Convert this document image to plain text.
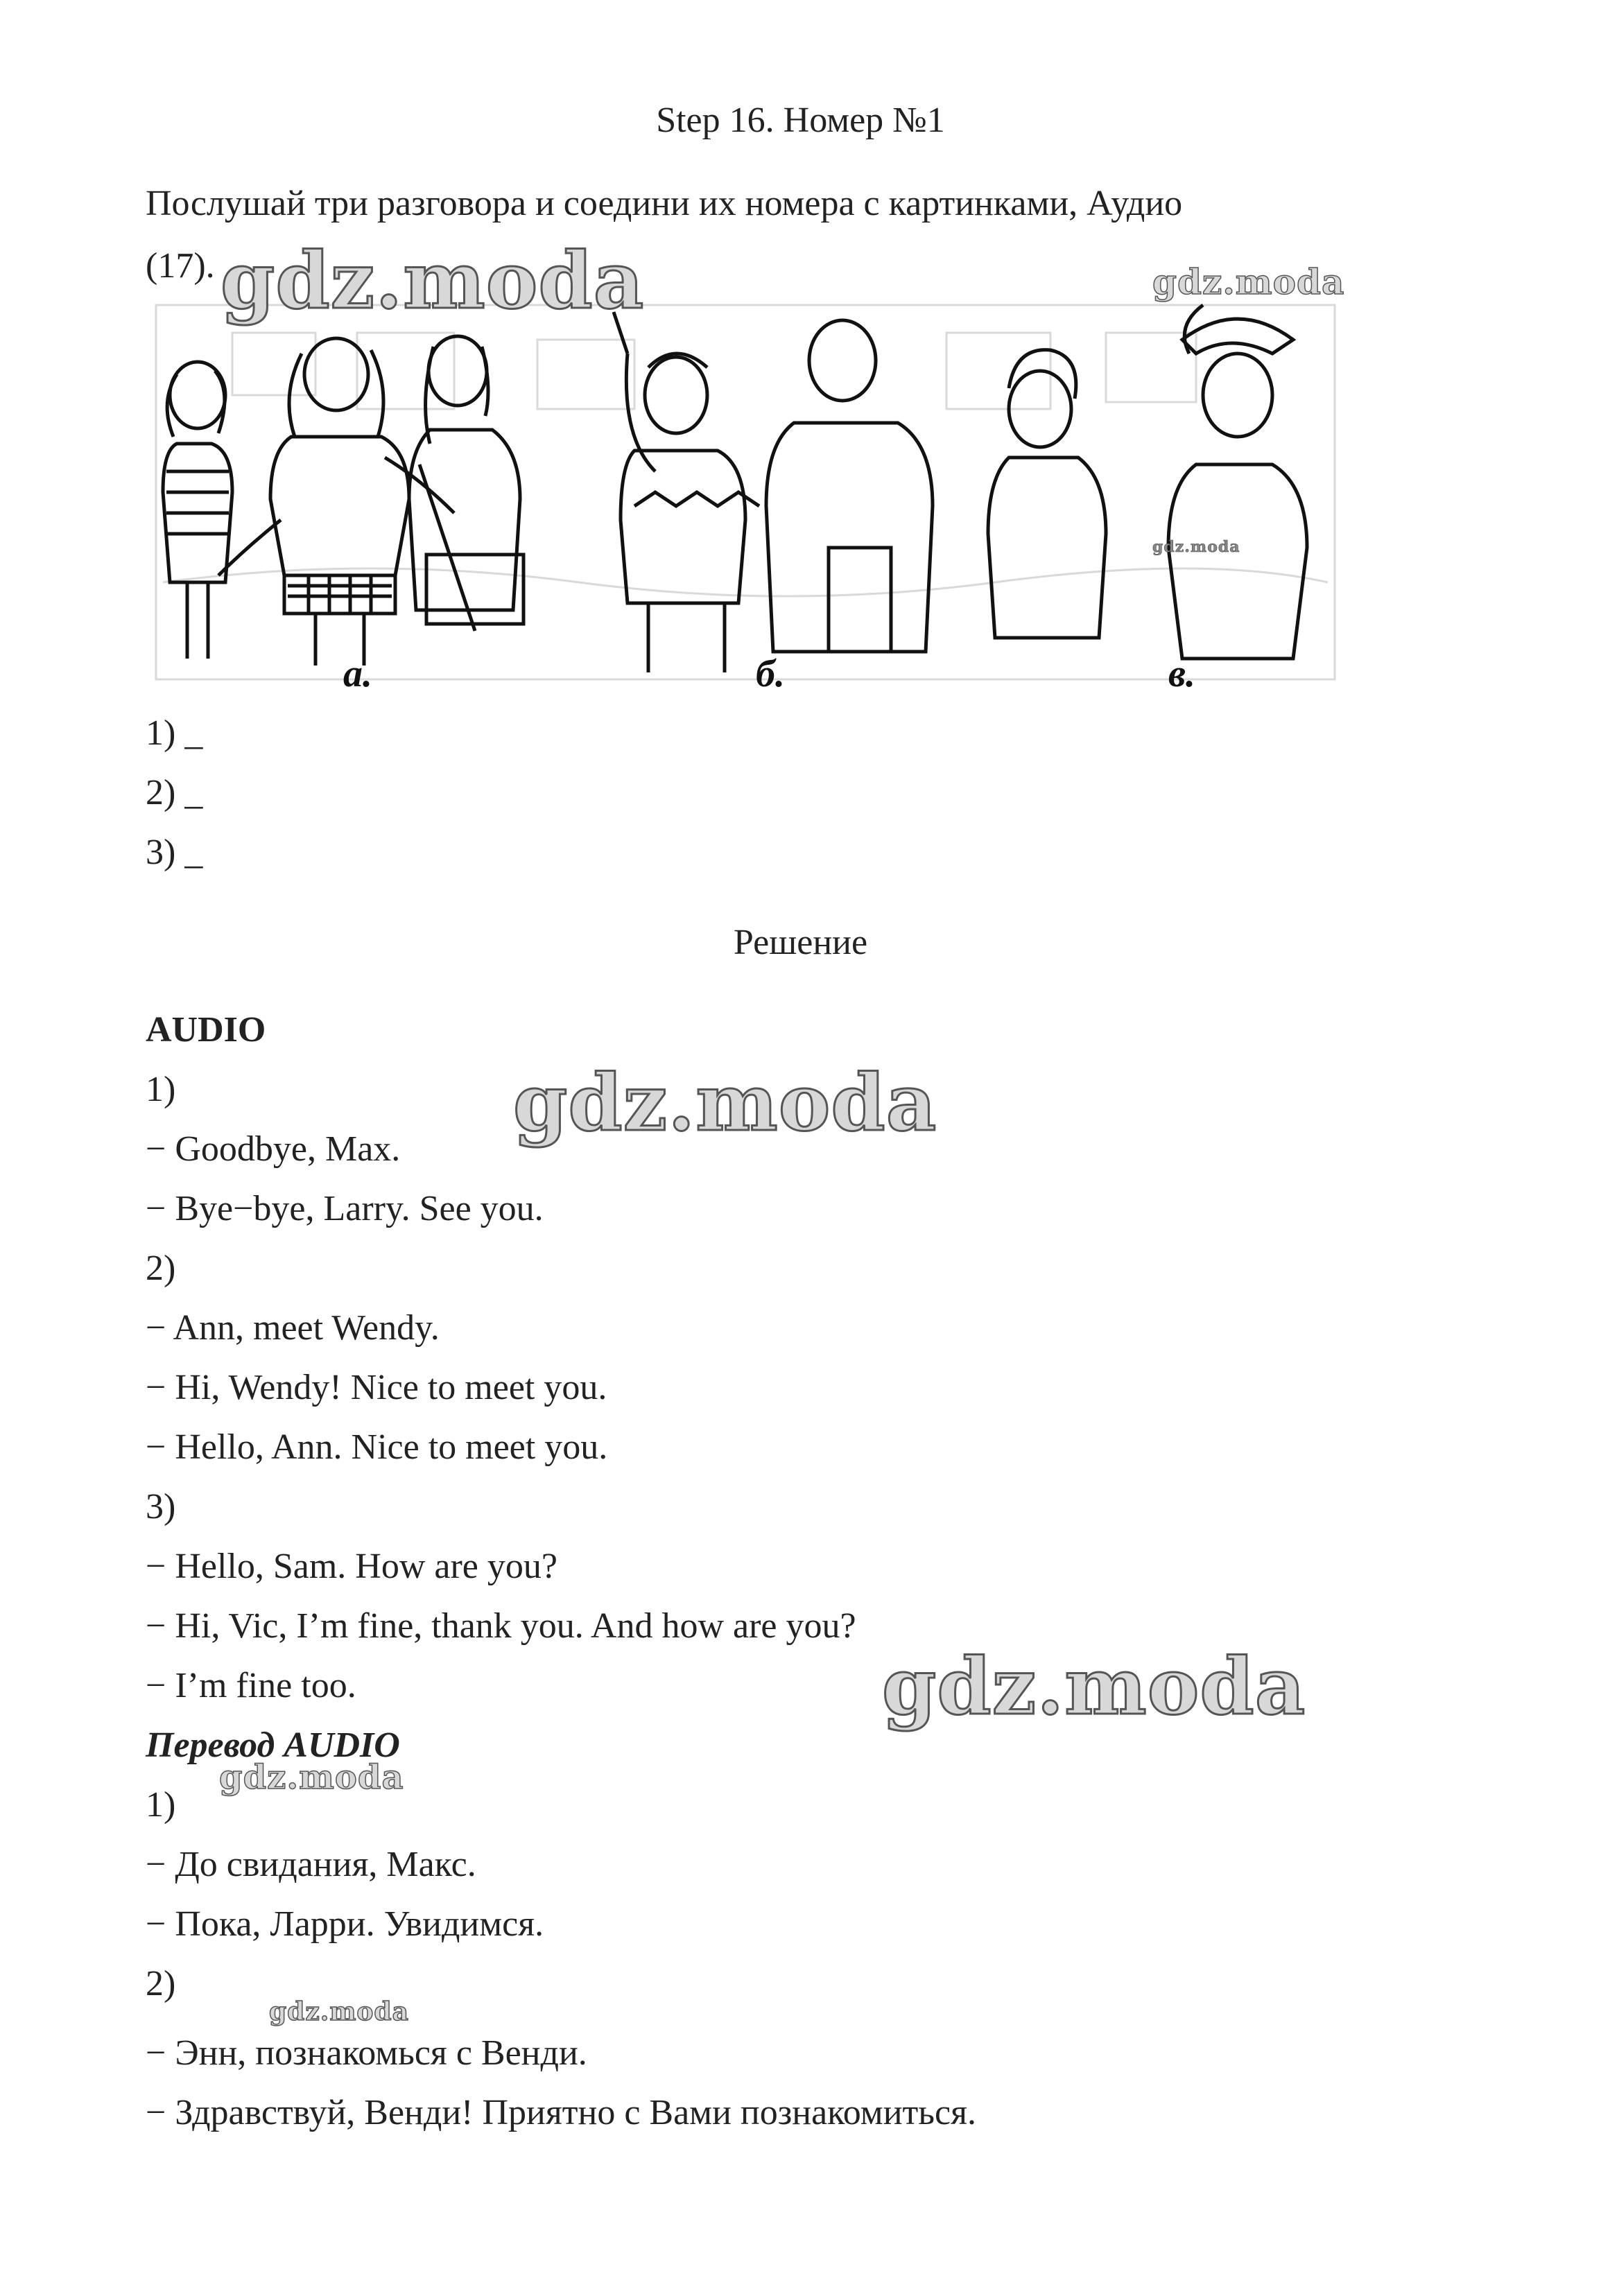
Step 16. Номер №1
Послушай три разговора и соедини их номера с картинками, Аудио
(17).
а.	б.	в.
1) _
2) _
3) _
Решение
AUDIO
1)
− Goodbye, Max.
− Bye−bye, Larry. See you.
2)
− Ann, meet Wendy.
− Hi, Wendy! Nice to meet you.
− Hello, Ann. Nice to meet you.
3)
− Hello, Sam. How are you?
− Hi, Vic, I’m fine, thank you. And how are you?
− I’m fine too.
Перевод AUDIO
1)
− До свидания, Макс.
− Пока, Ларри. Увидимся.
2)
− Энн, познакомься с Венди.
− Здравствуй, Венди! Приятно с Вами познакомиться.
gdz.moda	gdz.moda
gdz.moda
gdz.moda
gdz.moda
gdz.moda
gdz.moda
